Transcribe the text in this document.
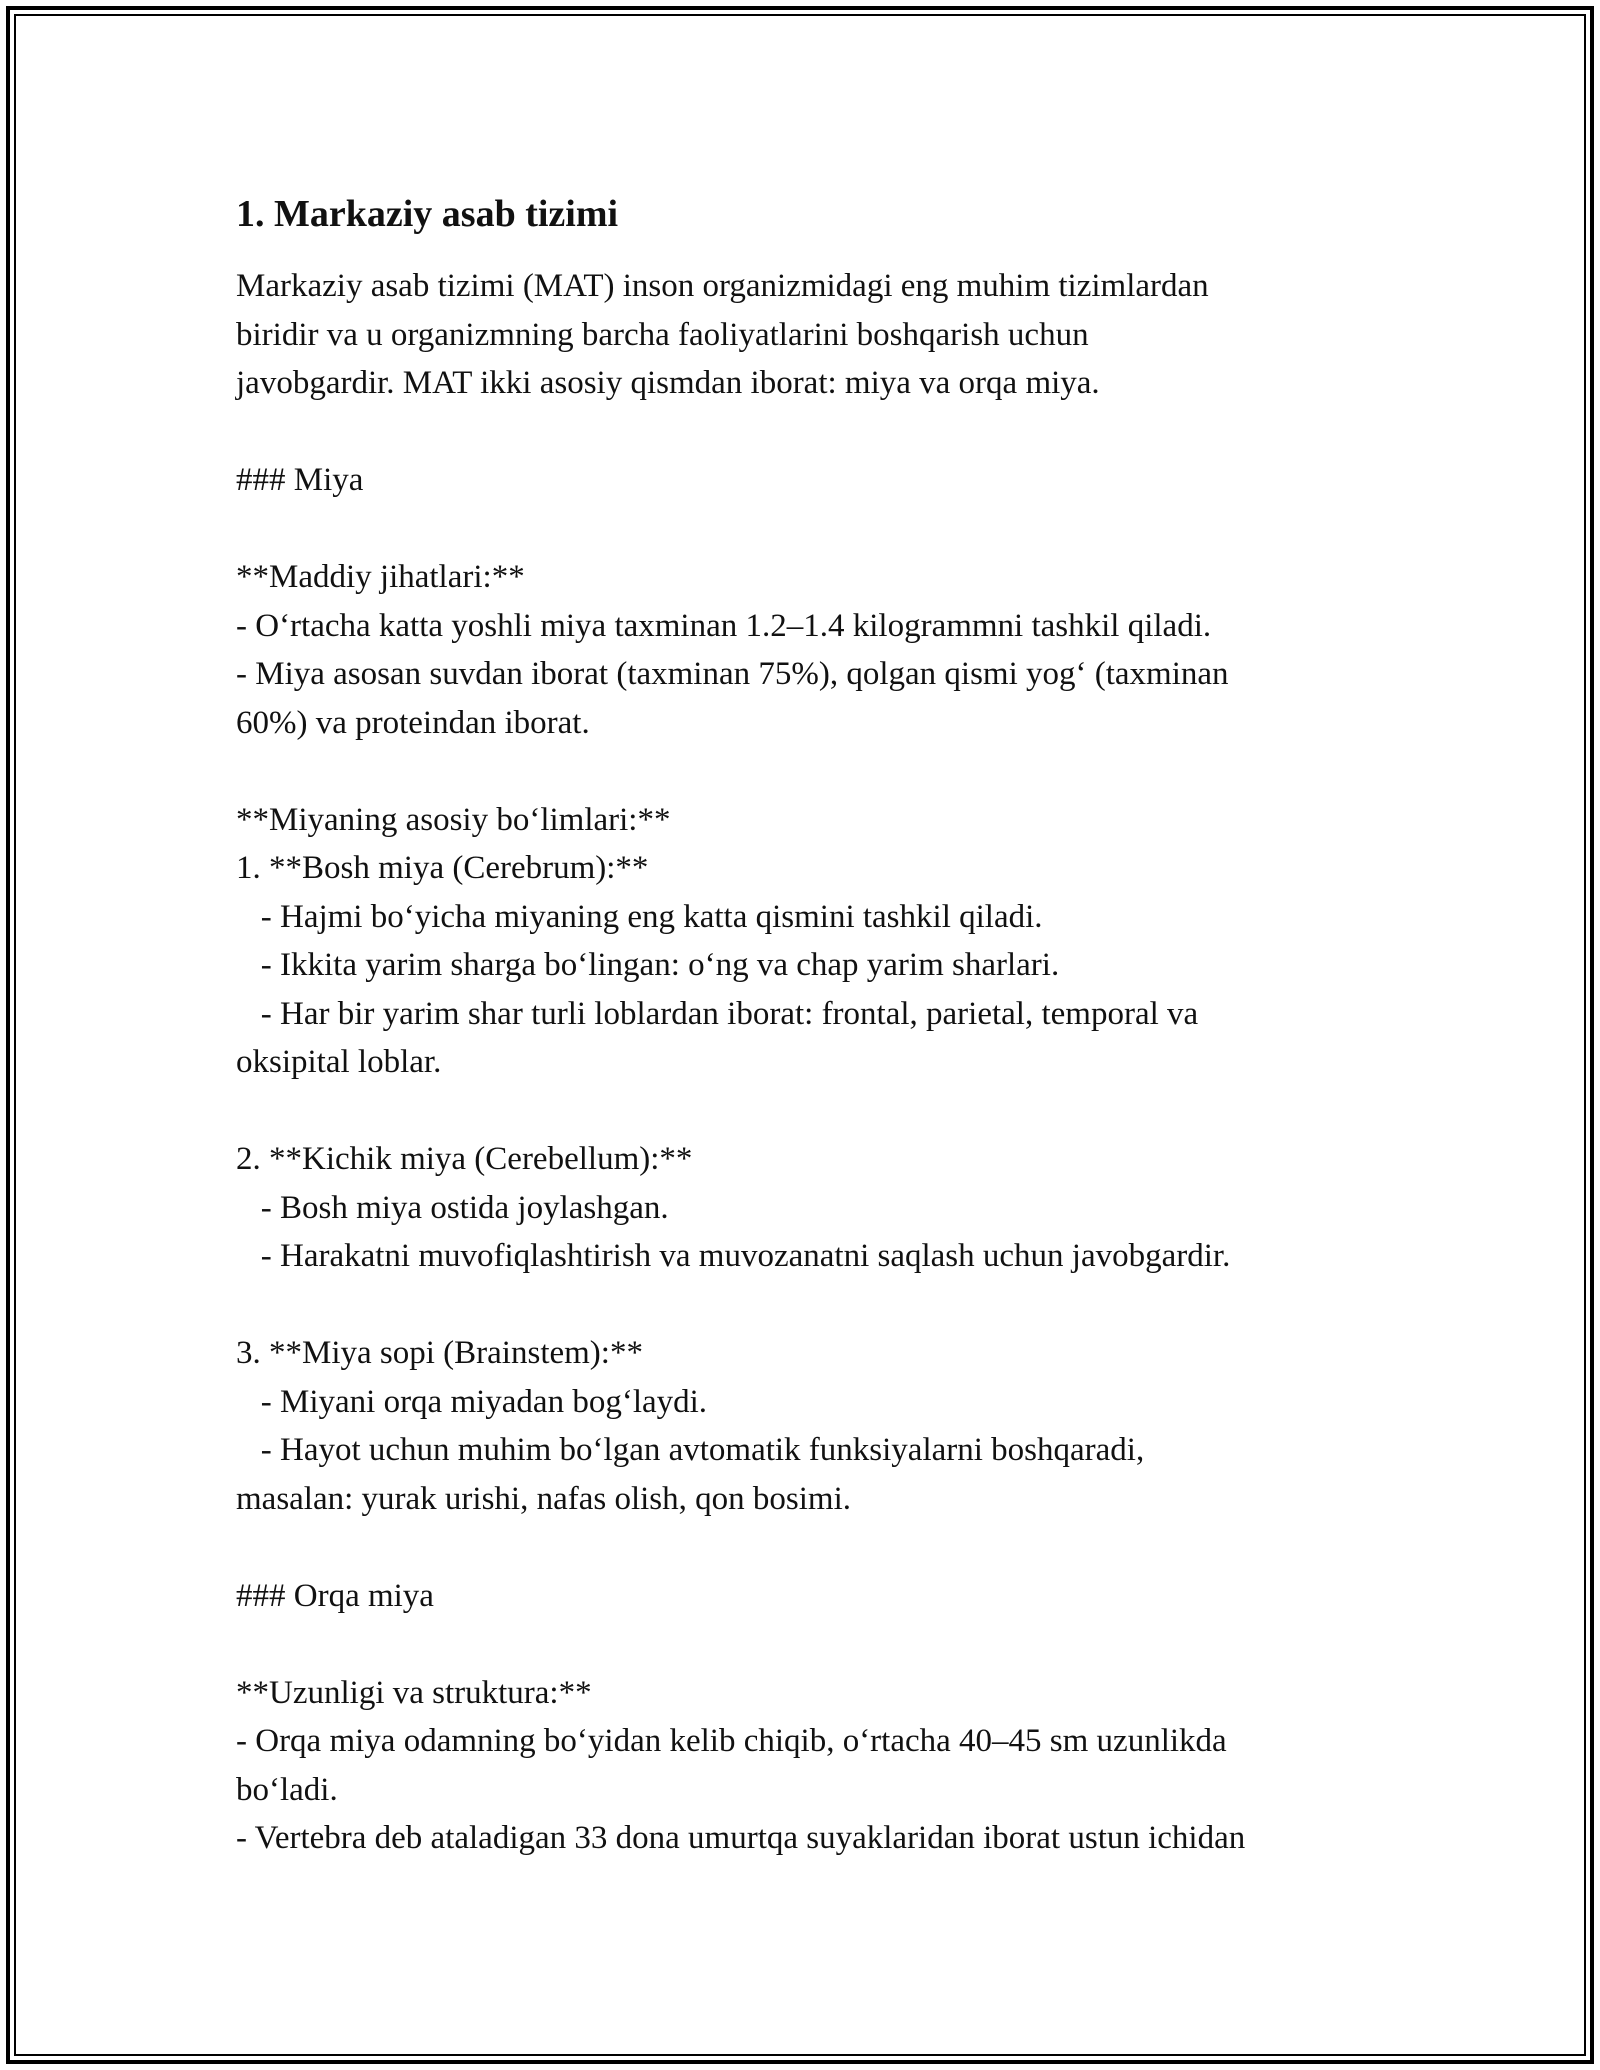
1. Markaziy asab tizimi

Markaziy asab tizimi (MAT) inson organizmidagi eng muhim tizimlardan

biridir va u organizmning barcha faoliyatlarini boshqarish uchun

javobgardir. MAT ikki asosiy qismdan iborat: miya va orqa miya.

### Miya

**Maddiy jihatlari:**

- O‘rtacha katta yoshli miya taxminan 1.2–1.4 kilogrammni tashkil qiladi.

- Miya asosan suvdan iborat (taxminan 75%), qolgan qismi yog‘ (taxminan

60%) va proteindan iborat.

**Miyaning asosiy bo‘limlari:**

1. **Bosh miya (Cerebrum):**

- Hajmi bo‘yicha miyaning eng katta qismini tashkil qiladi.

- Ikkita yarim sharga bo‘lingan: o‘ng va chap yarim sharlari.

- Har bir yarim shar turli loblardan iborat: frontal, parietal, temporal va

oksipital loblar.

2. **Kichik miya (Cerebellum):**

- Bosh miya ostida joylashgan.

- Harakatni muvofiqlashtirish va muvozanatni saqlash uchun javobgardir.

3. **Miya sopi (Brainstem):**

- Miyani orqa miyadan bog‘laydi.

- Hayot uchun muhim bo‘lgan avtomatik funksiyalarni boshqaradi,

masalan: yurak urishi, nafas olish, qon bosimi.

### Orqa miya

**Uzunligi va struktura:**

- Orqa miya odamning bo‘yidan kelib chiqib, o‘rtacha 40–45 sm uzunlikda

bo‘ladi.

- Vertebra deb ataladigan 33 dona umurtqa suyaklaridan iborat ustun ichidan
